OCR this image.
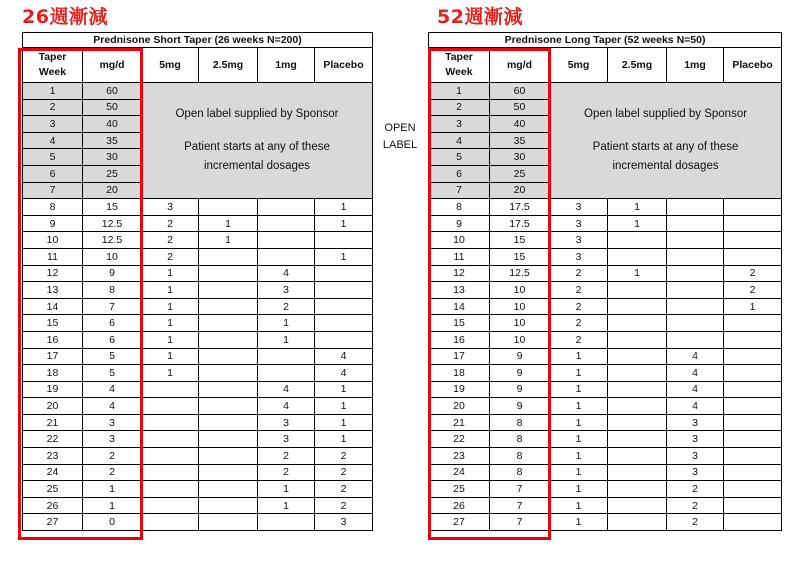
26週漸減	52週漸減
Prednisone Short Taper (26 weeks N=200)					
Taper
Week	mg/d	5mg	2.5mg	1mg	Placebo
1	60	Open label supplied by Sponsor
Patient starts at any of these incremental dosages			

2	50				
3	40				
4	35				
5	30				
6	25				
7	20				
8	15	3			1
9	12.5	2	1		1
10	12.5	2	1		
11	10	2			1
12	9	1		4	
13	8	1		3	
14	7	1		2	
15	6	1		1	
16	6	1		1	
17	5	1			4
18	5	1			4
19	4			4	1
20	4			4	1
21	3			3	1
22	3			3	1
23	2			2	2
24	2			2	2
25	1			1	2
26	1			1	2
27	0				3
Prednisone Long Taper (52 weeks N=50)					
Taper
Week	mg/d	5mg	2.5mg	1mg	Placebo
1	60	Open label supplied by Sponsor
Patient starts at any of these incremental dosages			

2	50				
3	40				
4	35				
5	30				
6	25				
7	20				
8	17.5	3	1		
9	17.5	3	1		
10	15	3			
11	15	3			
12	12.5	2	1		2
13	10	2			2
14	10	2			1
15	10	2			
16	10	2			
17	9	1		4	
18	9	1		4	
19	9	1		4	
20	9	1		4	
21	8	1		3	
22	8	1		3	
23	8	1		3	
24	8	1		3	
25	7	1		2	
26	7	1		2	
27	7	1		2	
OPEN
LABEL
